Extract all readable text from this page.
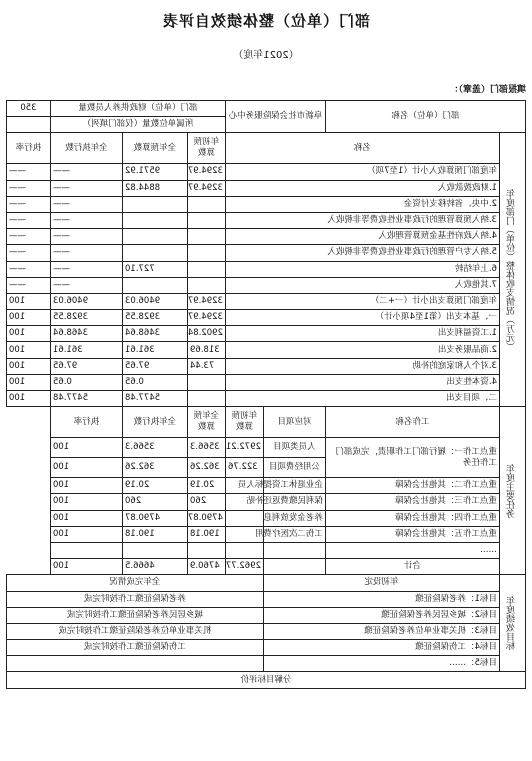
部门（单位）整体绩效自评表
（2021年度）
填报部门（盖章）：
部门（单位）名称		阜新市社会保险服务中心		部门（单位）财政供养人员数量			350
				所属单位数量（仅部门填列）			
年度部门（单位）整体收支情况（万元）	名称			年初预算数	全年预算数	全年执行数	执行率
	年度部门预算收入小计（1至7项）			3294.97	9571.92	——	——
	1.财政拨款收入			3294.97	8844.82	——	——
	2.中央、省转移支付资金					——	——
	3.纳入预算管理的行政事业性收费等非税收入					——	——
	4.纳入政府性基金预算管理收入					——	——
	5.纳入专户管理的行政事业性收费等非税收入					——	——
	6.上年结转				727.10	——	——
	7.其他收入					——	——
	年度部门预算支出小计（一+二）			3294.97	9406.03	9406.03	100
	一、基本支出（第1至4项小计）			3294.97	3928.55	3928.55	100
	1.工资福利支出			2902.84	3468.64	3468.64	100
	2.商品服务支出			318.69	361.61	361.61	100
	3.对个人和家庭的补助			73.44	97.65	97.65	100
	4.资本性支出				0.65	0.65	100
	二、项目支出				5477.48	5477.48	100
年度主要任务	工作名称	对应项目	年初预算数	全年预算数	全年执行数	执行率	
	重点工作一：履行部门工作职责，完成部门工作任务	人员类项目	2972.21	3566.3	3566.3	100	
		公用经费项目	322.76	362.26	362.26	100	
	重点工作二：其他社会保障	企业退休工资提标人员		20.19	20.19	100	
	重点工作三：其他社会保障	保利民缴费返还补贴		260	260	100	
	重点工作四：其他社会保障	养老金发放利息		4790.87	4790.87	100	
	重点工作五：其他社会保障	工伤二次医疗费用		190.18	190.18	100	
	……						
	合计		2962.77	4760.9	4666.5	100	
年度绩效目标	年初设定		全年完成情况				
	目标1：养老保险征缴		养老保险征缴工作按时完成				
	目标2：城乡居民养老保险征缴		城乡居民养老保险征缴工作按时完成				
	目标3：机关事业单位养老保险征缴		机关事业单位养老保险征缴工作按时完成				
	目标4：工伤保险征缴		工伤保险征缴工作按时完成				
	目标5：……						
分解目标评价							
